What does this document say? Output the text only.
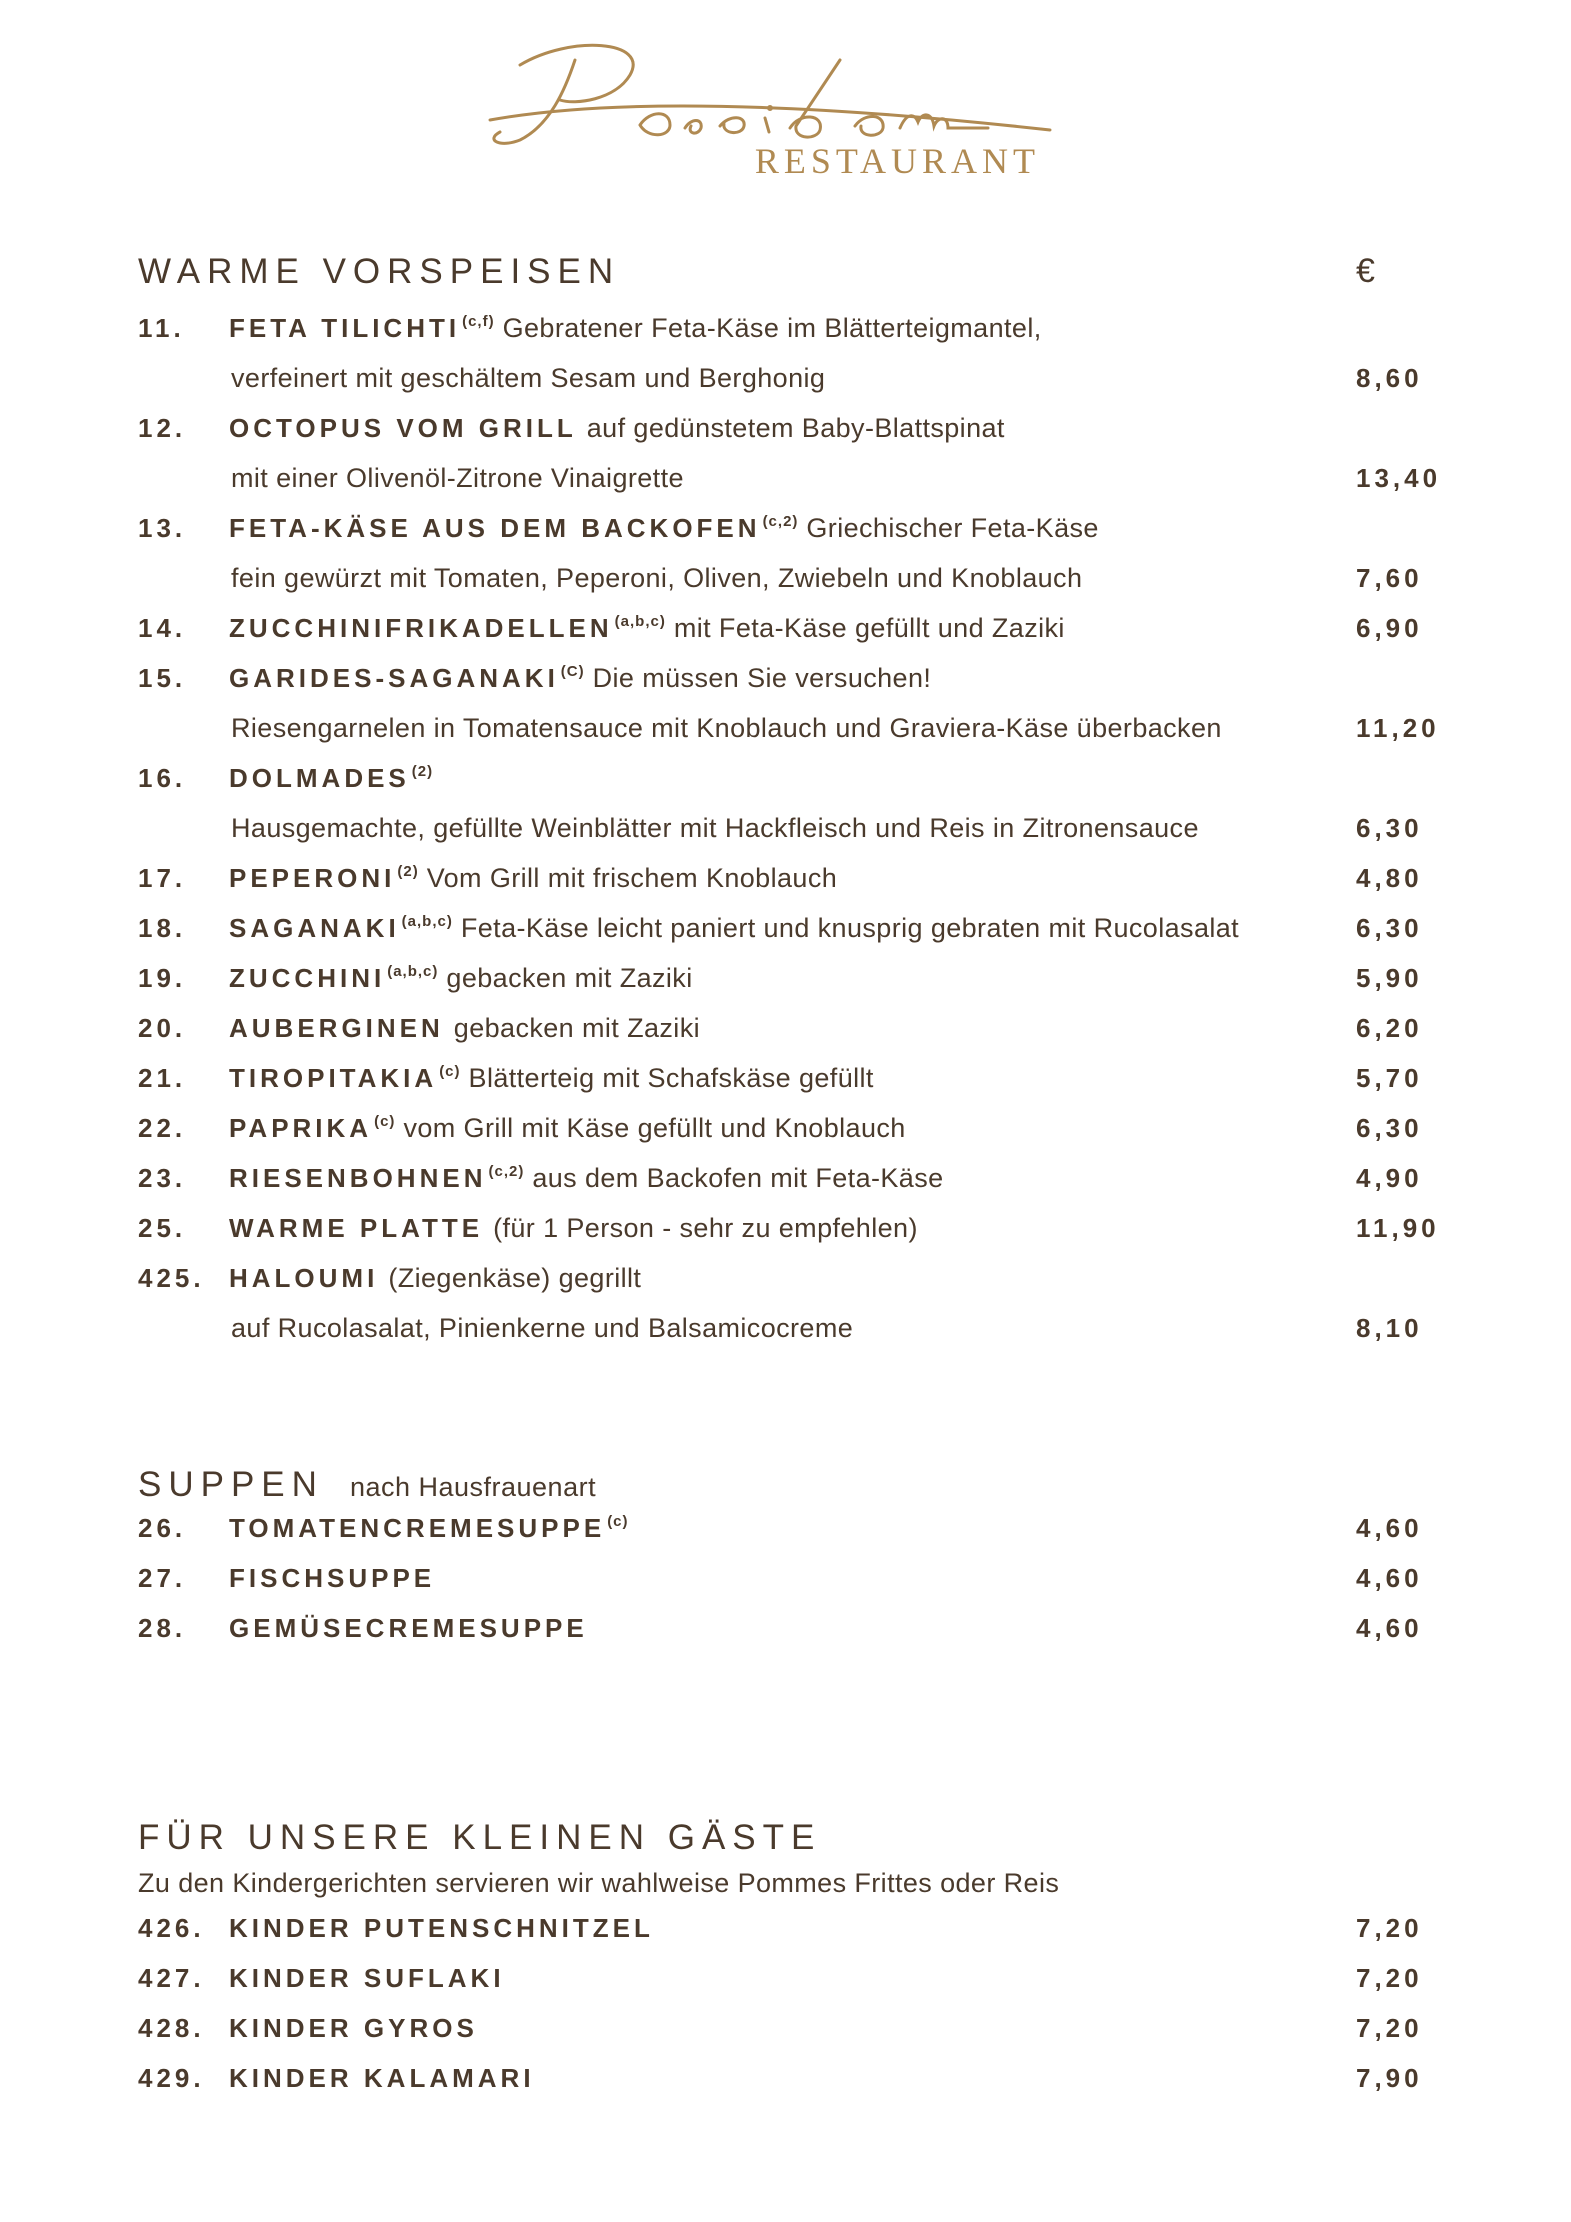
RESTAURANT
WARME VORSPEISEN	€
SUPPEN nach Hausfrauenart
FÜR UNSERE KLEINEN GÄSTE
Zu den Kindergerichten servieren wir wahlweise Pommes Frittes oder Reis
11. FETA TILICHTI $^{(c,f)}$ Gebratener Feta-Käse im Blätterteigmantel,
verfeinert mit geschältem Sesam und Berghonig	8,60
12. OCTOPUS VOM GRILL auf gedünstetem Baby-Blattspinat
mit einer Olivenöl-Zitrone Vinaigrette	13,40
13. FETA-KÄSE AUS DEM BACKOFEN $^{(c,2)}$ Griechischer Feta-Käse
fein gewürzt mit Tomaten, Peperoni, Oliven, Zwiebeln und Knoblauch	7,60
14. ZUCCHINIFRIKADELLEN $^{(a,b,c)}$ mit Feta-Käse gefüllt und Zaziki	6,90
15. GARIDES-SAGANAKI $^{(C)}$ Die müssen Sie versuchen!
Riesengarnelen in Tomatensauce mit Knoblauch und Graviera-Käse überbacken	11,20
16. DOLMADES $^{(2)}$
Hausgemachte, gefüllte Weinblätter mit Hackfleisch und Reis in Zitronensauce	6,30
17. PEPERONI $^{(2)}$ Vom Grill mit frischem Knoblauch	4,80
18. SAGANAKI $^{(a,b,c)}$ Feta-Käse leicht paniert und knusprig gebraten mit Rucolasalat	6,30
19. ZUCCHINI $^{(a,b,c)}$ gebacken mit Zaziki	5,90
20. AUBERGINEN gebacken mit Zaziki	6,20
21. TIROPITAKIA $^{(c)}$ Blätterteig mit Schafskäse gefüllt	5,70
22. PAPRIKA $^{(c)}$ vom Grill mit Käse gefüllt und Knoblauch	6,30
23. RIESENBOHNEN $^{(c,2)}$ aus dem Backofen mit Feta-Käse	4,90
25. WARME PLATTE (für 1 Person - sehr zu empfehlen)	11,90
425. HALOUMI (Ziegenkäse) gegrillt
auf Rucolasalat, Pinienkerne und Balsamicocreme	8,10
26. TOMATENCREMESUPPE $^{(c)}$	4,60
27. FISCHSUPPE	4,60
28. GEMÜSECREMESUPPE	4,60
426. KINDER PUTENSCHNITZEL	7,20
427. KINDER SUFLAKI	7,20
428. KINDER GYROS	7,20
429. KINDER KALAMARI	7,90
